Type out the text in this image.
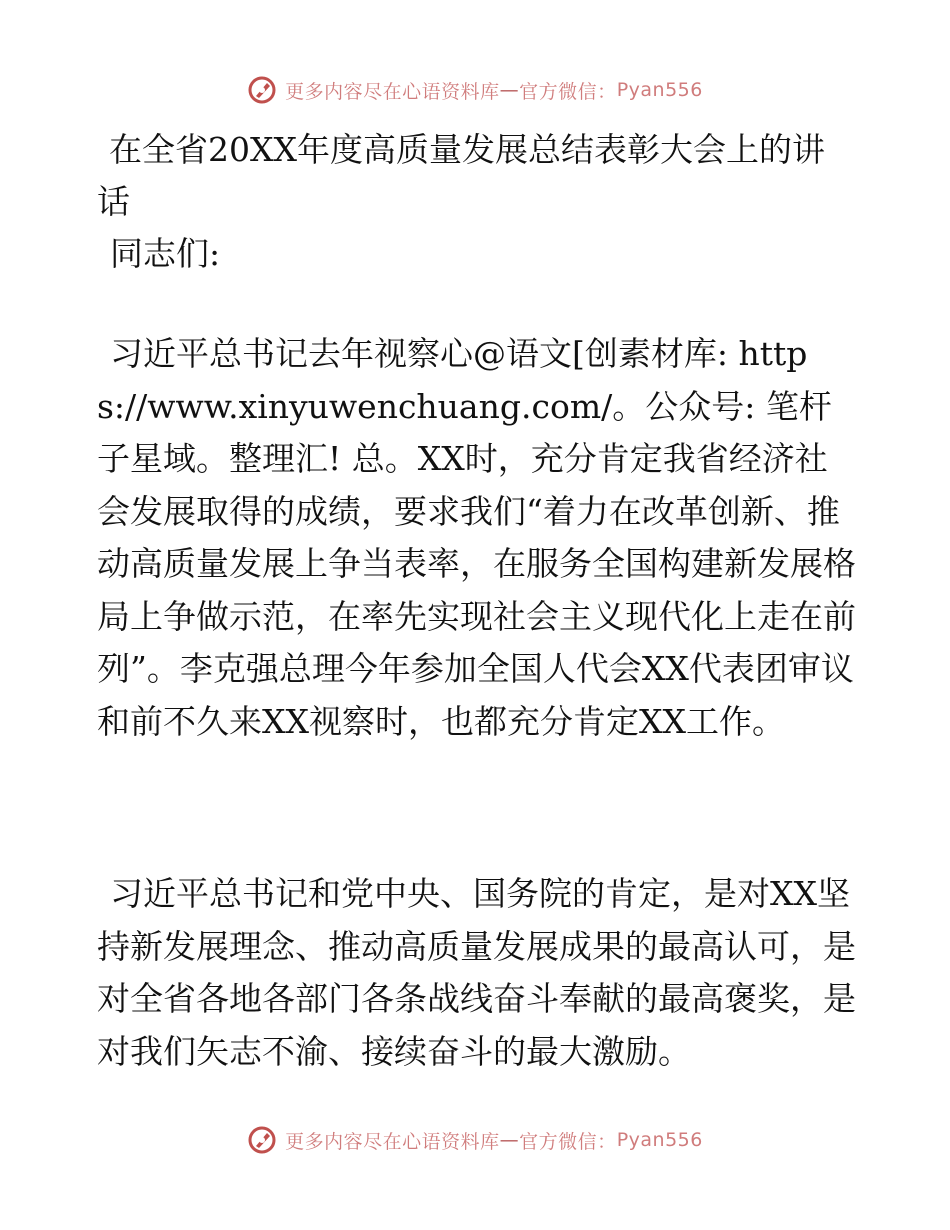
更多内容尽在心语资料库 — 官方微信： Pyan556
在全省20XX年度高质量发展总结表彰大会上的讲话

同志们:

习近平总书记去年视察心@语文[创素材库: https://www.xinyuwenchuang.com/。公众号: 笔杆子星域。整理汇! 总。XX时，充分肯定我省经济社会发展取得的成绩，要求我们“着力在改革创新、推动高质量发展上争当表率，在服务全国构建新发展格局上争做示范，在率先实现社会主义现代化上走在前列”。李克强总理今年参加全国人代会XX代表团审议和前不久来XX视察时，也都充分肯定XX工作。

习近平总书记和党中央、国务院的肯定，是对XX坚持新发展理念、推动高质量发展成果的最高认可，是对全省各地各部门各条战线奋斗奉献的最高褒奖，是对我们矢志不渝、接续奋斗的最大激励。

更多内容尽在心语资料库 — 官方微信： Pyan556
